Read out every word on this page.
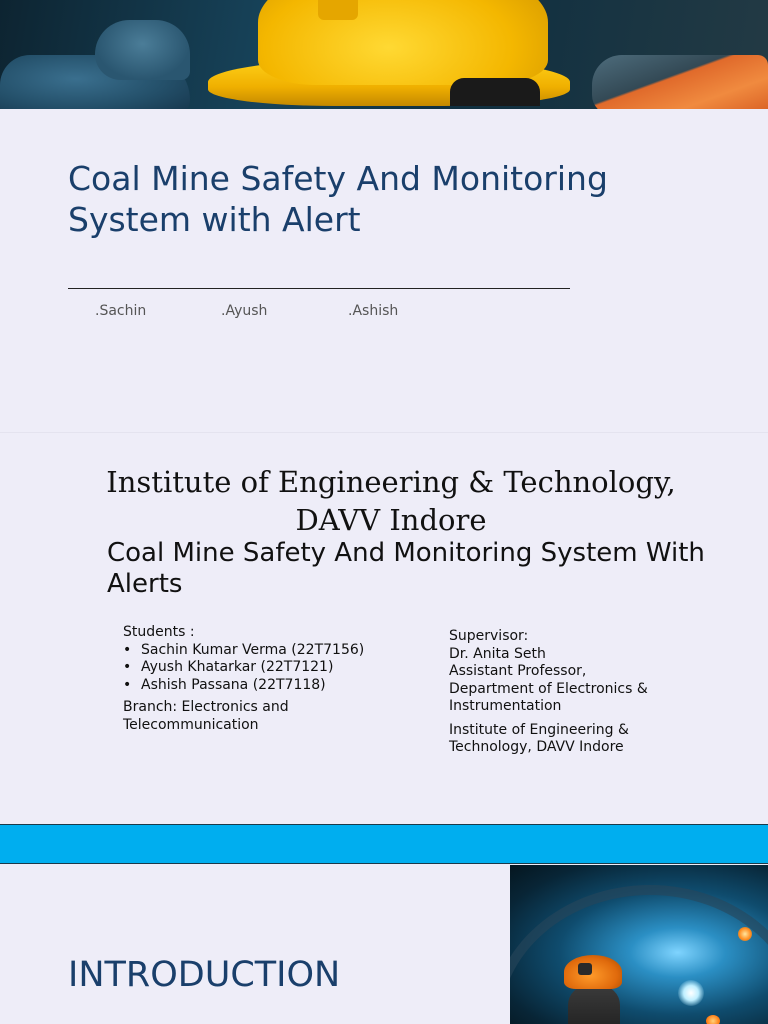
Coal Mine Safety And Monitoring System with Alert
.Sachin	.Ayush	.Ashish
Institute of Engineering & Technology, DAVV Indore
Coal Mine Safety And Monitoring System With Alerts
Students :
• Sachin Kumar Verma (22T7156)
• Ayush Khatarkar (22T7121)
• Ashish Passana (22T7118)
Branch: Electronics and Telecommunication
Supervisor:
Dr. Anita Seth
Assistant Professor,
Department of Electronics & Instrumentation
Institute of Engineering & Technology, DAVV Indore
INTRODUCTION
